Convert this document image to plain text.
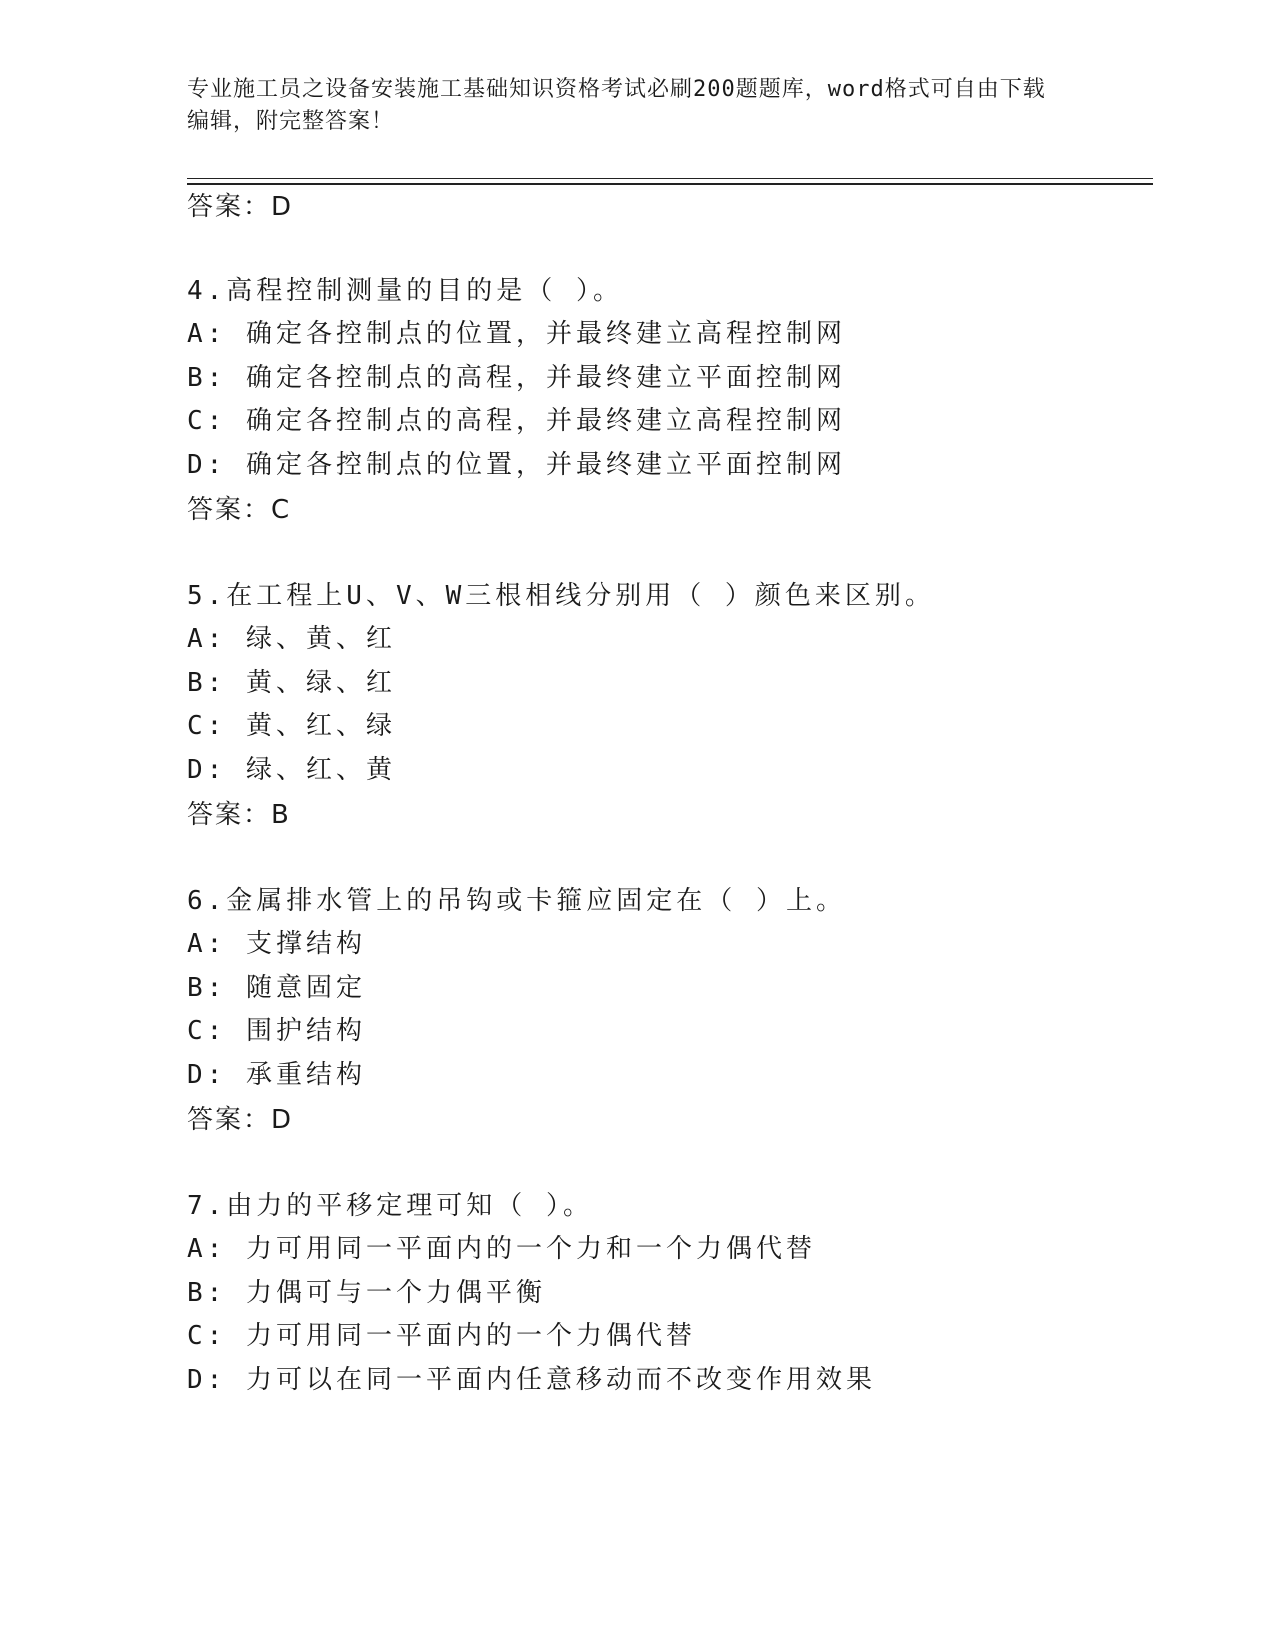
专业施工员之设备安装施工基础知识资格考试必刷200题题库，word格式可自由下载编辑，附完整答案！
答案：D
4.高程控制测量的目的是（ ）。
A: 确定各控制点的位置，并最终建立高程控制网
B: 确定各控制点的高程，并最终建立平面控制网
C: 确定各控制点的高程，并最终建立高程控制网
D: 确定各控制点的位置，并最终建立平面控制网
答案：C
5.在工程上U、V、W三根相线分别用（ ）颜色来区别。
A: 绿、黄、红
B: 黄、绿、红
C: 黄、红、绿
D: 绿、红、黄
答案：B
6.金属排水管上的吊钩或卡箍应固定在（ ）上。
A: 支撑结构
B: 随意固定
C: 围护结构
D: 承重结构
答案：D
7.由力的平移定理可知（ ）。
A: 力可用同一平面内的一个力和一个力偶代替
B: 力偶可与一个力偶平衡
C: 力可用同一平面内的一个力偶代替
D: 力可以在同一平面内任意移动而不改变作用效果
